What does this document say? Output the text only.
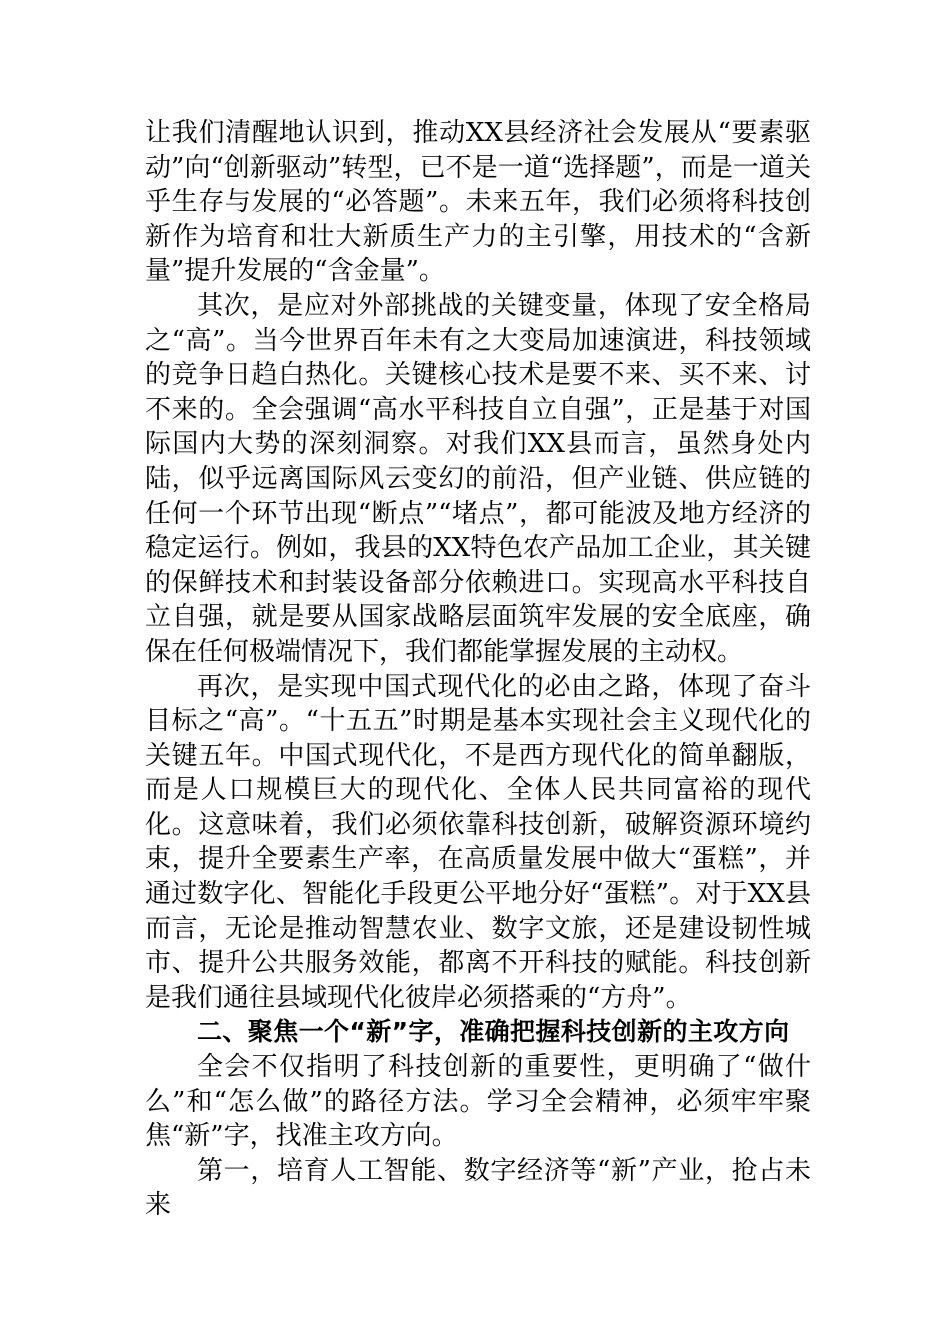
让我们清醒地认识到，推动XX县经济社会发展从“要素驱动”向“创新驱动”转型，已不是一道“选择题”，而是一道关乎生存与发展的“必答题”。未来五年，我们必须将科技创新作为培育和壮大新质生产力的主引擎，用技术的“含新量”提升发展的“含金量”。

其次，是应对外部挑战的关键变量，体现了安全格局之“高”。当今世界百年未有之大变局加速演进，科技领域的竞争日趋白热化。关键核心技术是要不来、买不来、讨不来的。全会强调“高水平科技自立自强”，正是基于对国际国内大势的深刻洞察。对我们XX县而言，虽然身处内陆，似乎远离国际风云变幻的前沿，但产业链、供应链的任何一个环节出现“断点”“堵点”，都可能波及地方经济的稳定运行。例如，我县的XX特色农产品加工企业，其关键的保鲜技术和封装设备部分依赖进口。实现高水平科技自立自强，就是要从国家战略层面筑牢发展的安全底座，确保在任何极端情况下，我们都能掌握发展的主动权。

再次，是实现中国式现代化的必由之路，体现了奋斗目标之“高”。“十五五”时期是基本实现社会主义现代化的关键五年。中国式现代化，不是西方现代化的简单翻版，而是人口规模巨大的现代化、全体人民共同富裕的现代化。这意味着，我们必须依靠科技创新，破解资源环境约束，提升全要素生产率，在高质量发展中做大“蛋糕”，并通过数字化、智能化手段更公平地分好“蛋糕”。对于XX县而言，无论是推动智慧农业、数字文旅，还是建设韧性城市、提升公共服务效能，都离不开科技的赋能。科技创新是我们通往县域现代化彼岸必须搭乘的“方舟”。

二、聚焦一个“新”字，准确把握科技创新的主攻方向

全会不仅指明了科技创新的重要性，更明确了“做什么”和“怎么做”的路径方法。学习全会精神，必须牢牢聚焦“新”字，找准主攻方向。

第一，培育人工智能、数字经济等“新”产业，抢占未来
